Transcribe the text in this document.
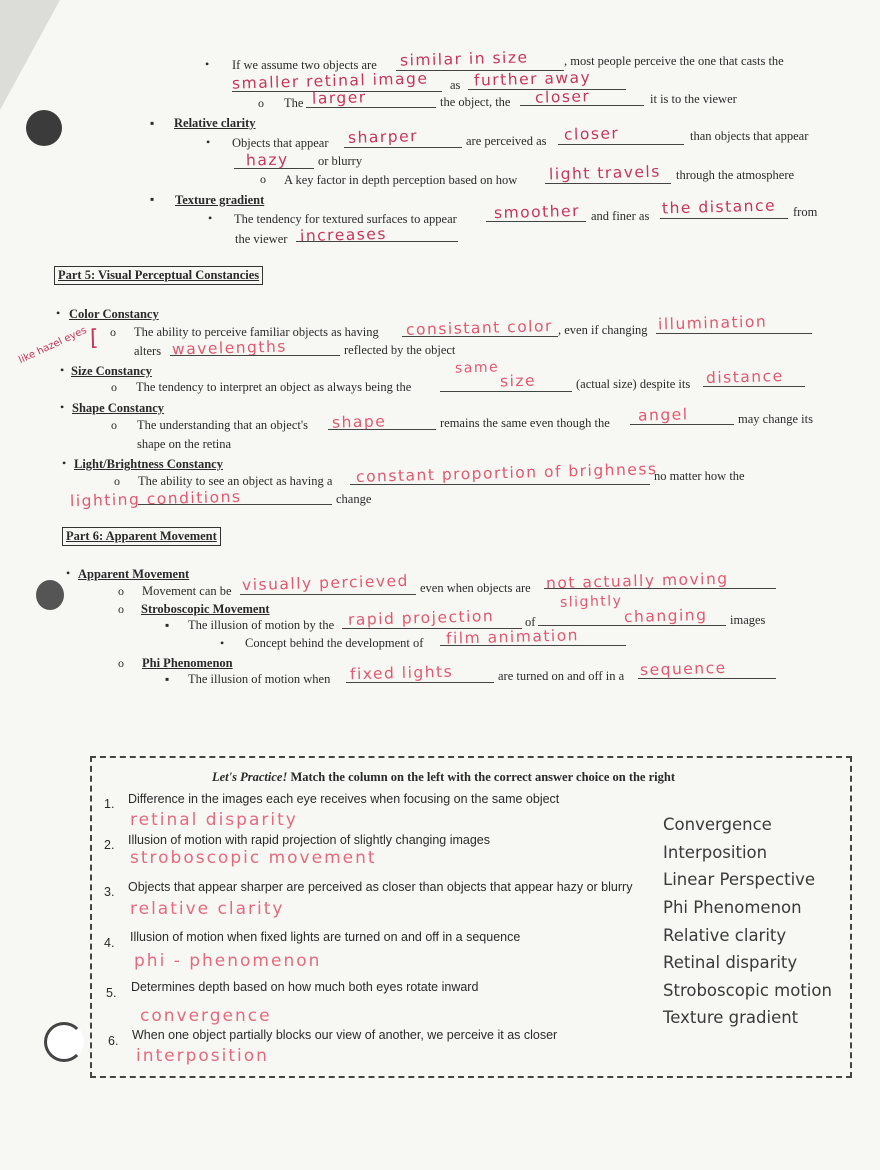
• If we assume two objects are similar in size	, most people perceive the one that casts the
smaller retinal image as further away
o The larger	the object, the closer	it is to the viewer
▪ Relative clarity
• Objects that appear sharper	are perceived as closer	than objects that appear
hazy or blurry
o A key factor in depth perception based on how light travels through the atmosphere
▪ Texture gradient
• The tendency for textured surfaces to appear smoother and finer as the distance from
the viewer increases
Part 5: Visual Perceptual Constancies
• Color Constancy
like hazel eyes [ o The ability to perceive familiar objects as having consistant color , even if changing illumination
alters wavelengths	reflected by the object
• Size Constancy
o The tendency to interpret an object as always being the
same
size	(actual size) despite its distance
• Shape Constancy
o The understanding that an object's shape	remains the same even though the angel	may change its
shape on the retina
• Light/Brightness Constancy
o The ability to see an object as having a constant proportion of brighness
no matter how the
lighting conditions	change
Part 6: Apparent Movement
• Apparent Movement
o Movement can be visually percieved even when objects are not actually moving
o Stroboscopic Movement
▪ The illusion of motion by the rapid projection of
slightly
changing images
• Concept behind the development of film animation
o Phi Phenomenon
▪ The illusion of motion when fixed lights	are turned on and off in a sequence
Let's Practice! Match the column on the left with the correct answer choice on the right
1. Difference in the images each eye receives when focusing on the same object
retinal disparity
2. Illusion of motion with rapid projection of slightly changing images
stroboscopic movement
3. Objects that appear sharper are perceived as closer than objects that appear hazy or blurry
relative clarity
4. Illusion of motion when fixed lights are turned on and off in a sequence
phi - phenomenon
5. Determines depth based on how much both eyes rotate inward
convergence
6. When one object partially blocks our view of another, we perceive it as closer
interposition
Convergence
Interposition
Linear Perspective
Phi Phenomenon
Relative clarity
Retinal disparity
Stroboscopic motion
Texture gradient
